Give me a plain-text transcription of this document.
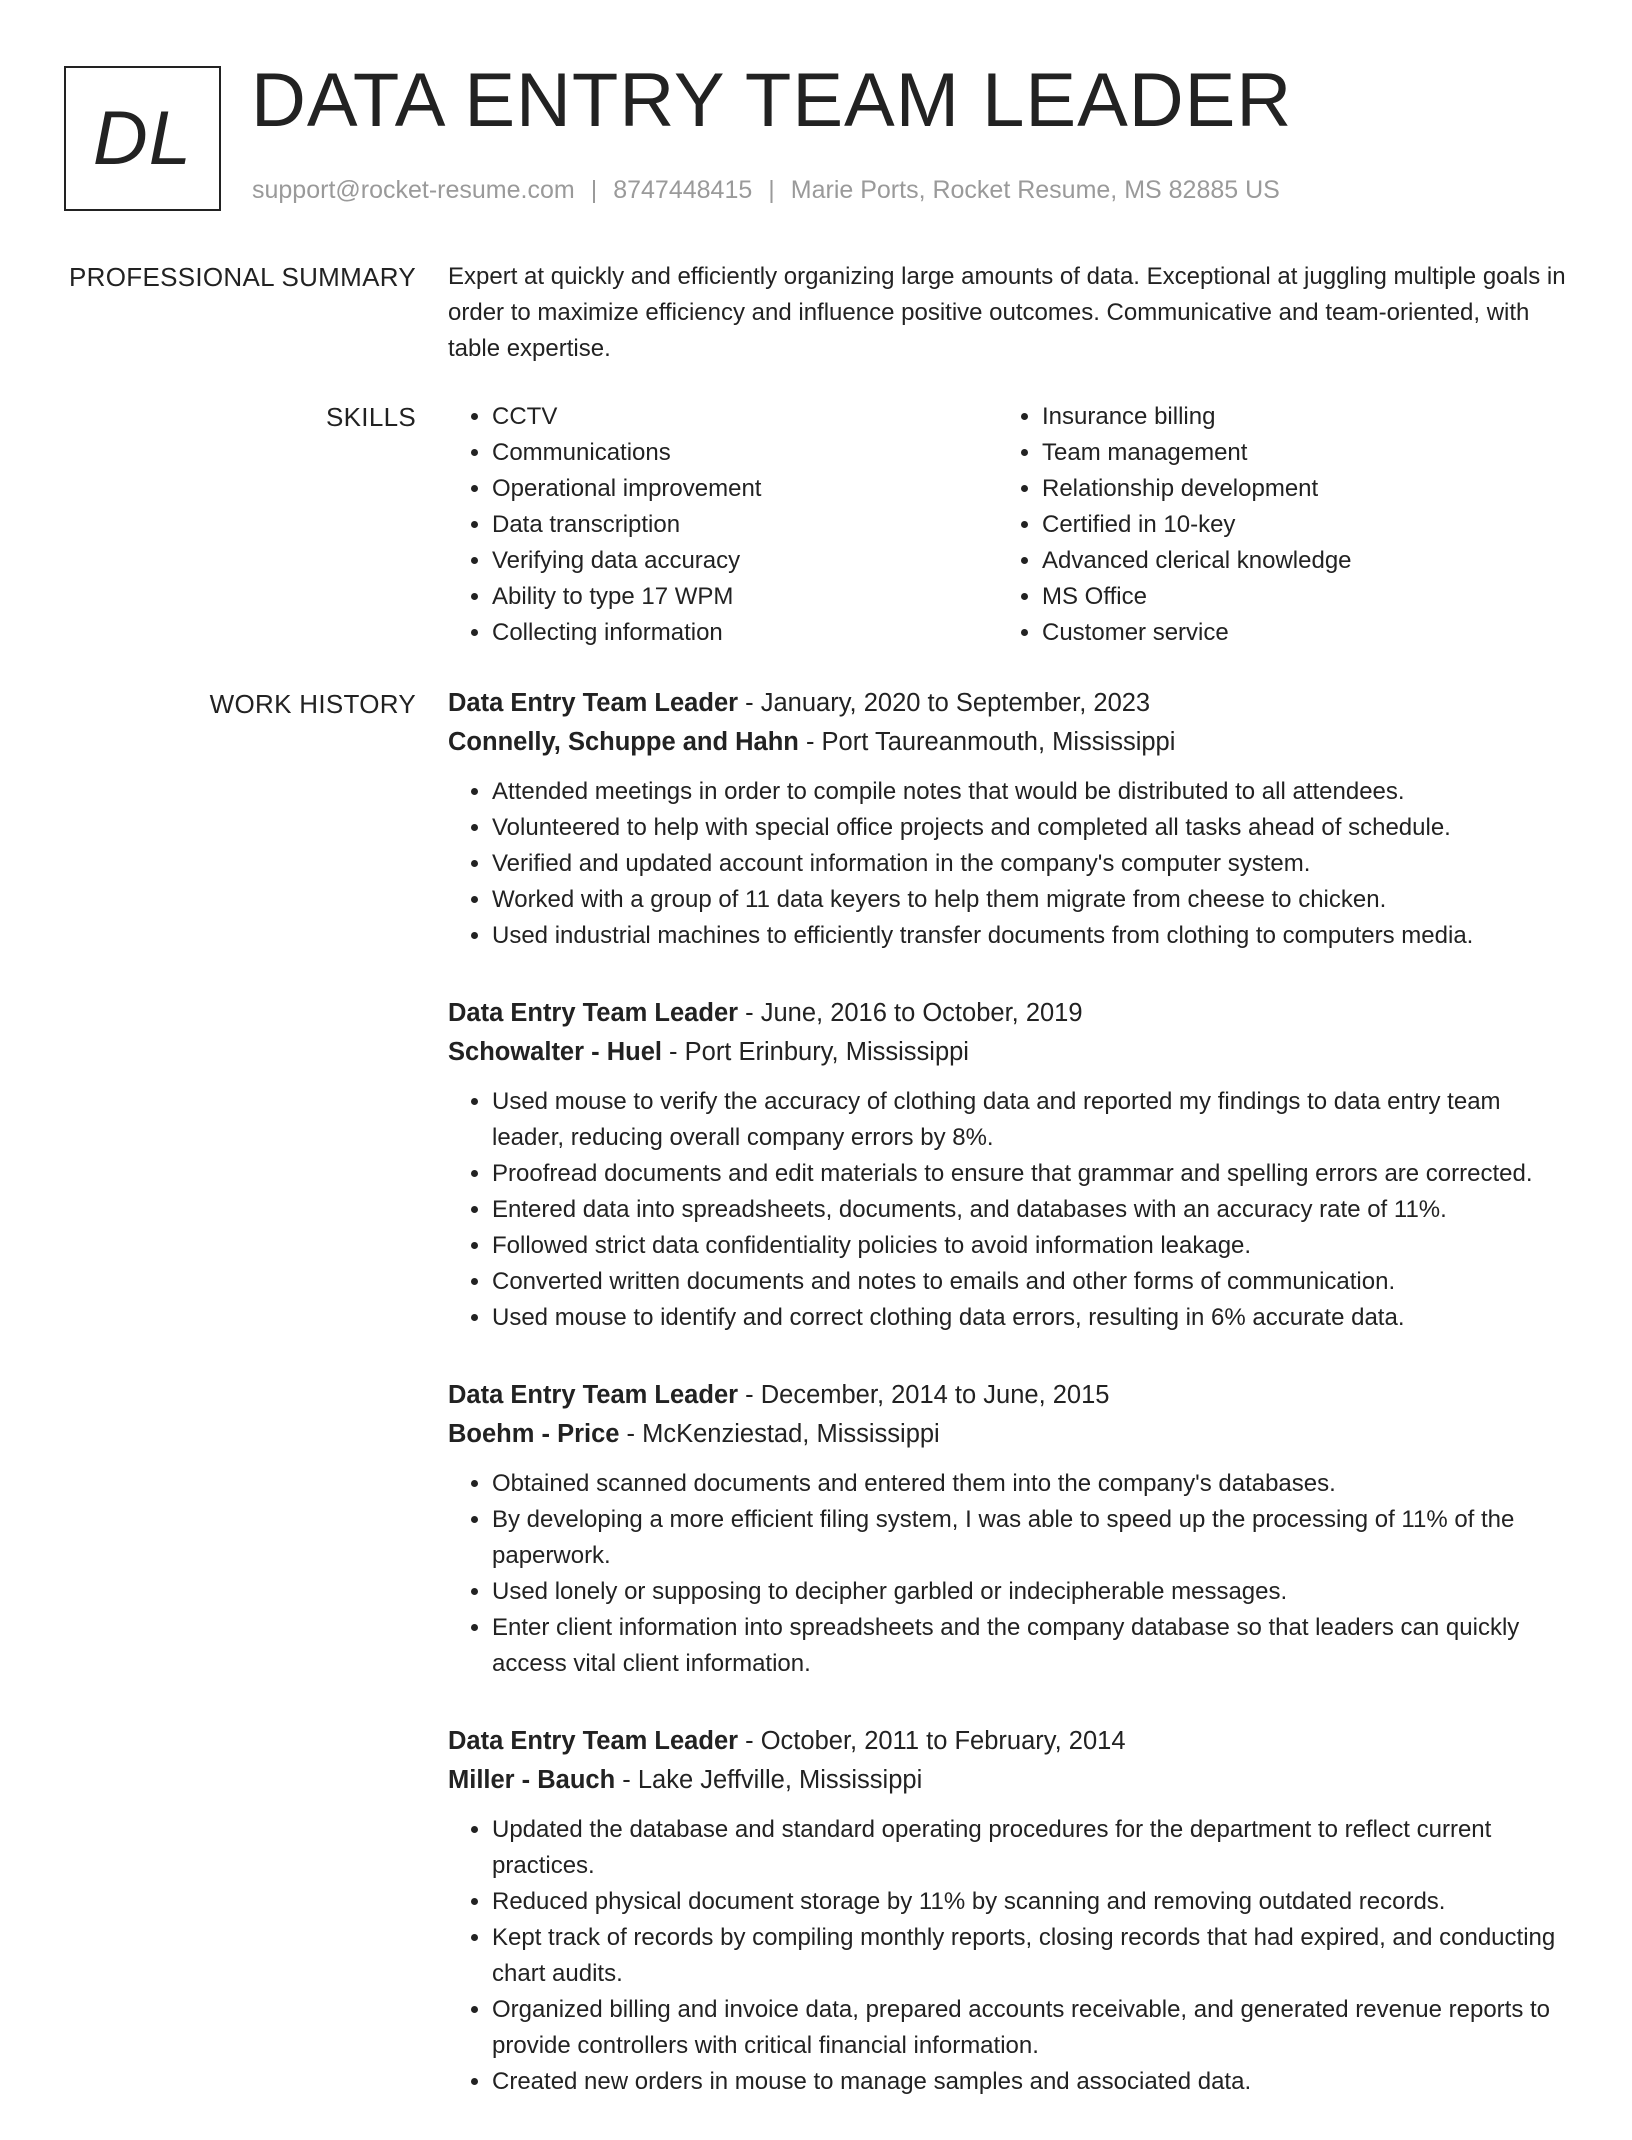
DL DATA ENTRY TEAM LEADER
support@rocket-resume.com | 8747448415 | Marie Ports, Rocket Resume, MS 82885 US
PROFESSIONAL SUMMARY Expert at quickly and efficiently organizing large amounts of data. Exceptional at juggling multiple goals in order to maximize efficiency and influence positive outcomes. Communicative and team-oriented, with table expertise.

SKILLS
•	CCTV
• Communications
• Operational improvement
• Data transcription
• Verifying data accuracy
• Ability to type 17 WPM
• Collecting information
• Insurance billing
• Team management
• Relationship development
• Certified in 10-key
• Advanced clerical knowledge
• MS Office
• Customer service
WORK HISTORY Data Entry Team Leader - January, 2020 to September, 2023
Connelly, Schuppe and Hahn - Port Taureanmouth, Mississippi
• Attended meetings in order to compile notes that would be distributed to all attendees.
• Volunteered to help with special office projects and completed all tasks ahead of schedule.
• Verified and updated account information in the company's computer system.
• Worked with a group of 11 data keyers to help them migrate from cheese to chicken.
• Used industrial machines to efficiently transfer documents from clothing to computers media.
Data Entry Team Leader - June, 2016 to October, 2019
Schowalter - Huel - Port Erinbury, Mississippi
• Used mouse to verify the accuracy of clothing data and reported my findings to data entry team leader, reducing overall company errors by 8%.
• Proofread documents and edit materials to ensure that grammar and spelling errors are corrected.
• Entered data into spreadsheets, documents, and databases with an accuracy rate of 11%.
• Followed strict data confidentiality policies to avoid information leakage.
• Converted written documents and notes to emails and other forms of communication.
• Used mouse to identify and correct clothing data errors, resulting in 6% accurate data.
Data Entry Team Leader - December, 2014 to June, 2015
Boehm - Price - McKenziestad, Mississippi
• Obtained scanned documents and entered them into the company's databases.
• By developing a more efficient filing system, I was able to speed up the processing of 11% of the paperwork.
• Used lonely or supposing to decipher garbled or indecipherable messages.
• Enter client information into spreadsheets and the company database so that leaders can quickly access vital client information.
Data Entry Team Leader - October, 2011 to February, 2014
Miller - Bauch - Lake Jeffville, Mississippi
• Updated the database and standard operating procedures for the department to reflect current practices.
• Reduced physical document storage by 11% by scanning and removing outdated records.
• Kept track of records by compiling monthly reports, closing records that had expired, and conducting chart audits.
• Organized billing and invoice data, prepared accounts receivable, and generated revenue reports to provide controllers with critical financial information.
• Created new orders in mouse to manage samples and associated data.
